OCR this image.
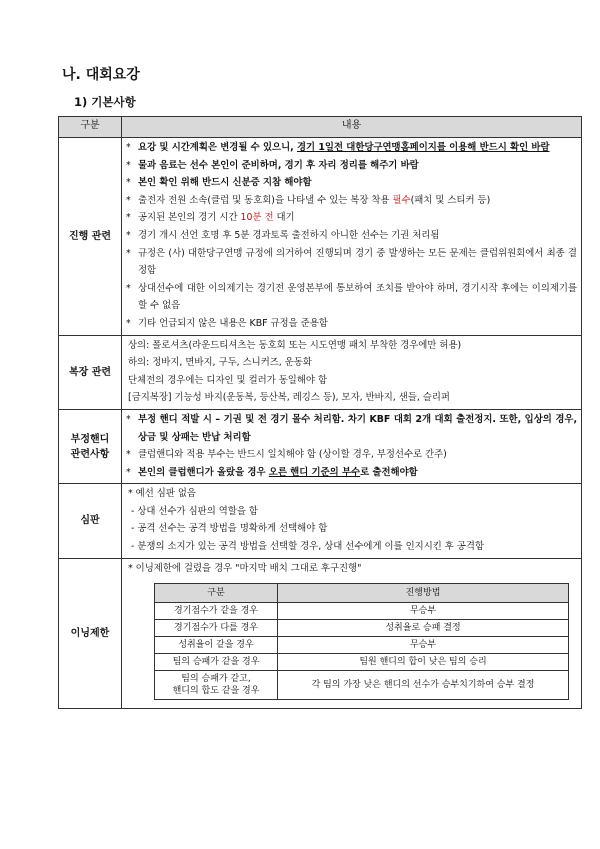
나. 대회요강
1) 기본사항
구분	내용
진행 관련	
* 요강 및 시간계획은 변경될 수 있으니, 경기 1일전 대한당구연맹홈페이지를 이용해 반드시 확인 바람
* 물과 음료는 선수 본인이 준비하며, 경기 후 자리 정리를 해주기 바람
* 본인 확인 위해 반드시 신분증 지참 해야함
* 출전자 전원 소속(클럽 및 동호회)을 나타낼 수 있는 복장 착용 필수(패치 및 스티커 등)
* 공지된 본인의 경기 시간 10분 전 대기
* 경기 개시 선언 호명 후 5분 경과토록 출전하지 아니한 선수는 기권 처리됨
* 규정은 (사) 대한당구연맹 규정에 의거하여 진행되며 경기 중 발생하는 모든 문제는 클럽위원회에서 최종 결정함
* 상대선수에 대한 이의제기는 경기전 운영본부에 통보하여 조치를 받아야 하며, 경기시작 후에는 이의제기를 할 수 없음
* 기타 언급되지 않은 내용은 KBF 규정을 준용함

복장 관련	
상의: 폴로셔츠(라운드티셔츠는 동호회 또는 시도연맹 패치 부착한 경우에만 허용)
하의: 정바지, 면바지, 구두, 스니커즈, 운동화
단체전의 경우에는 디자인 및 컬러가 동일해야 함
[금지복장] 기능성 바지(운동복, 등산복, 레깅스 등), 모자, 반바지, 샌들, 슬리퍼

부정핸디
관련사항	
* 부정 핸디 적발 시 – 기권 및 전 경기 몰수 처리함. 차기 KBF 대회 2개 대회 출전정지. 또한, 입상의 경우, 상금 및 상패는 반납 처리함
* 클럽핸디와 적용 부수는 반드시 일치해야 함 (상이할 경우, 부정선수로 간주)
* 본인의 클럽핸디가 올랐을 경우 오른 핸디 기준의 부수로 출전해야함

심판	
* 예선 심판 없음
- 상대 선수가 심판의 역할을 함
- 공격 선수는 공격 방법을 명확하게 선택해야 함
- 분쟁의 소지가 있는 공격 방법을 선택할 경우, 상대 선수에게 이를 인지시킨 후 공격함

이닝제한	
* 이닝제한에 걸렸을 경우 "마지막 배치 그대로 후구진행"
구분	진행방법
경기점수가 같을 경우	무승부
경기점수가 다를 경우	성취율로 승패 결정
성취율이 같을 경우	무승부
팀의 승패가 같을 경우	팀원 핸디의 합이 낮은 팀의 승리
팀의 승패가 같고,
핸디의 합도 같을 경우	각 팀의 가장 낮은 핸디의 선수가 승부치기하여 승부 결정
